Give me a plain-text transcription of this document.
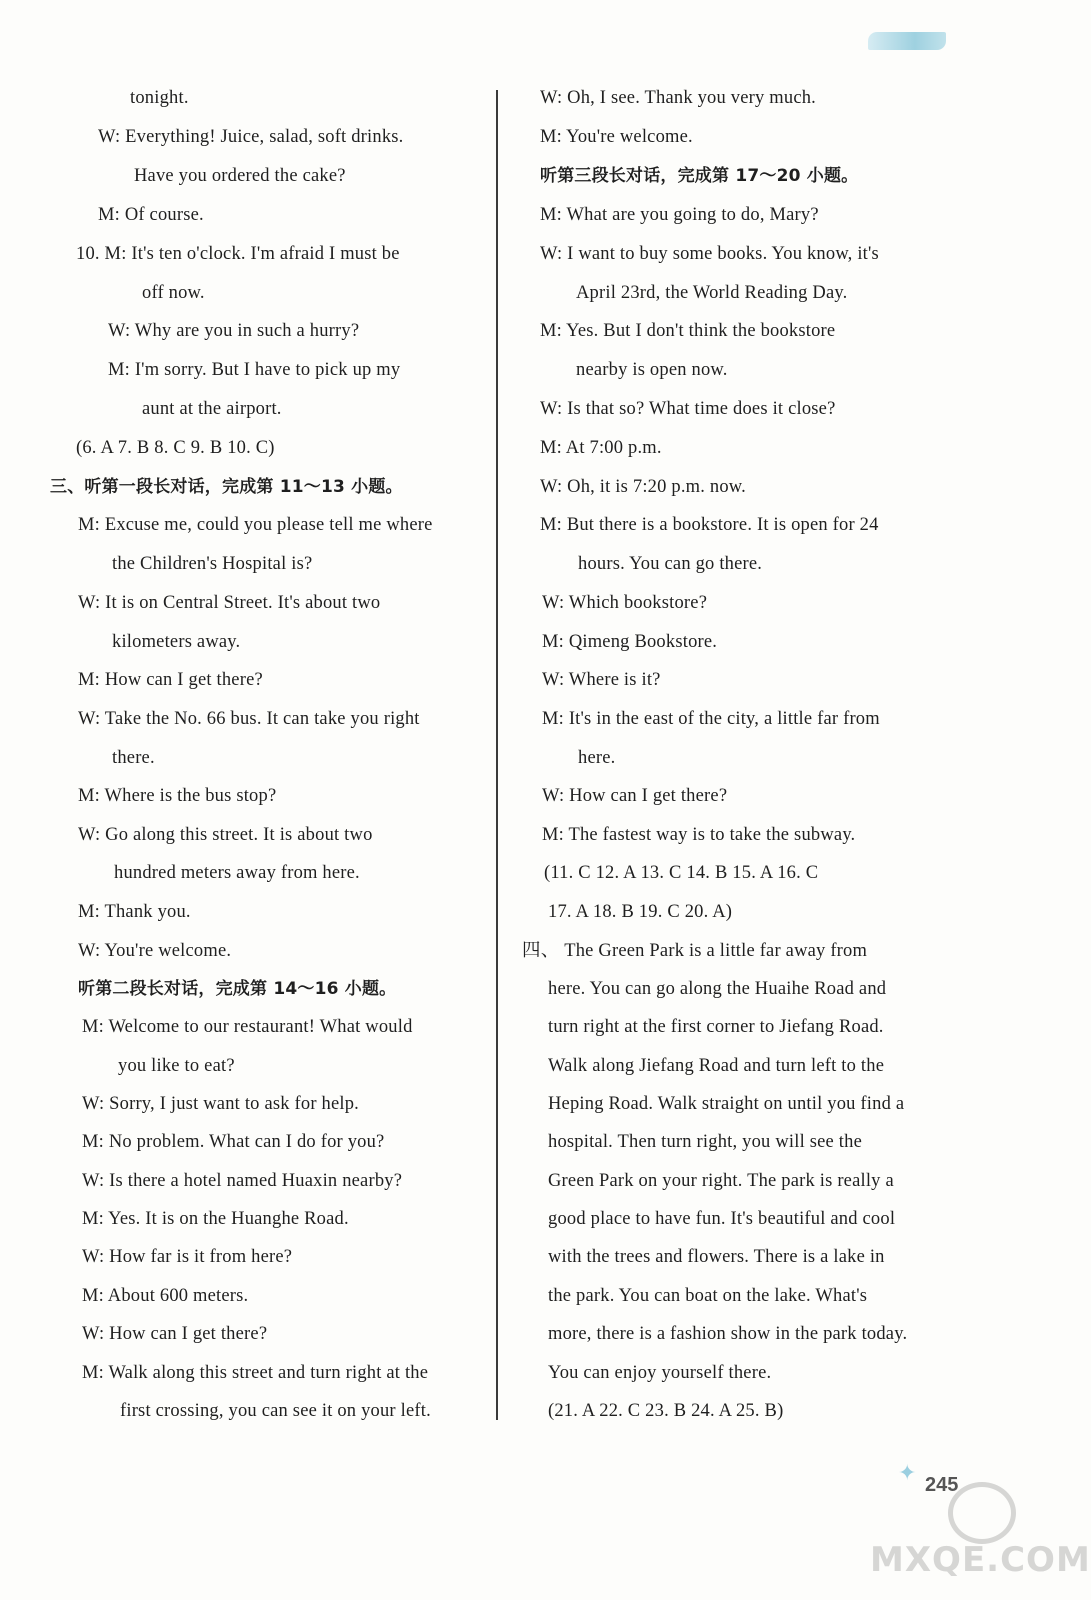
tonight.
W: Everything! Juice, salad, soft drinks.
Have you ordered the cake?
M: Of course.
10. M: It's ten o'clock. I'm afraid I must be
off now.
W: Why are you in such a hurry?
M: I'm sorry. But I have to pick up my
aunt at the airport.
(6. A 7. B 8. C 9. B 10. C)
三、听第一段长对话，完成第 11～13 小题。
M: Excuse me, could you please tell me where
the Children's Hospital is?
W: It is on Central Street. It's about two
kilometers away.
M: How can I get there?
W: Take the No. 66 bus. It can take you right
there.
M: Where is the bus stop?
W: Go along this street. It is about two
hundred meters away from here.
M: Thank you.
W: You're welcome.
听第二段长对话，完成第 14～16 小题。
M: Welcome to our restaurant! What would
you like to eat?
W: Sorry, I just want to ask for help.
M: No problem. What can I do for you?
W: Is there a hotel named Huaxin nearby?
M: Yes. It is on the Huanghe Road.
W: How far is it from here?
M: About 600 meters.
W: How can I get there?
M: Walk along this street and turn right at the
first crossing, you can see it on your left.
W: Oh, I see. Thank you very much.
M: You're welcome.
听第三段长对话，完成第 17～20 小题。
M: What are you going to do, Mary?
W: I want to buy some books. You know, it's
April 23rd, the World Reading Day.
M: Yes. But I don't think the bookstore
nearby is open now.
W: Is that so? What time does it close?
M: At 7:00 p.m.
W: Oh, it is 7:20 p.m. now.
M: But there is a bookstore. It is open for 24
hours. You can go there.
W: Which bookstore?
M: Qimeng Bookstore.
W: Where is it?
M: It's in the east of the city, a little far from
here.
W: How can I get there?
M: The fastest way is to take the subway.
(11. C 12. A 13. C 14. B 15. A 16. C
17. A 18. B 19. C 20. A)
四、 The Green Park is a little far away from
here. You can go along the Huaihe Road and
turn right at the first corner to Jiefang Road.
Walk along Jiefang Road and turn left to the
Heping Road. Walk straight on until you find a
hospital. Then turn right, you will see the
Green Park on your right. The park is really a
good place to have fun. It's beautiful and cool
with the trees and flowers. There is a lake in
the park. You can boat on the lake. What's
more, there is a fashion show in the park today.
You can enjoy yourself there.
(21. A 22. C 23. B 24. A 25. B)
✦ 245
MXQE.COM
